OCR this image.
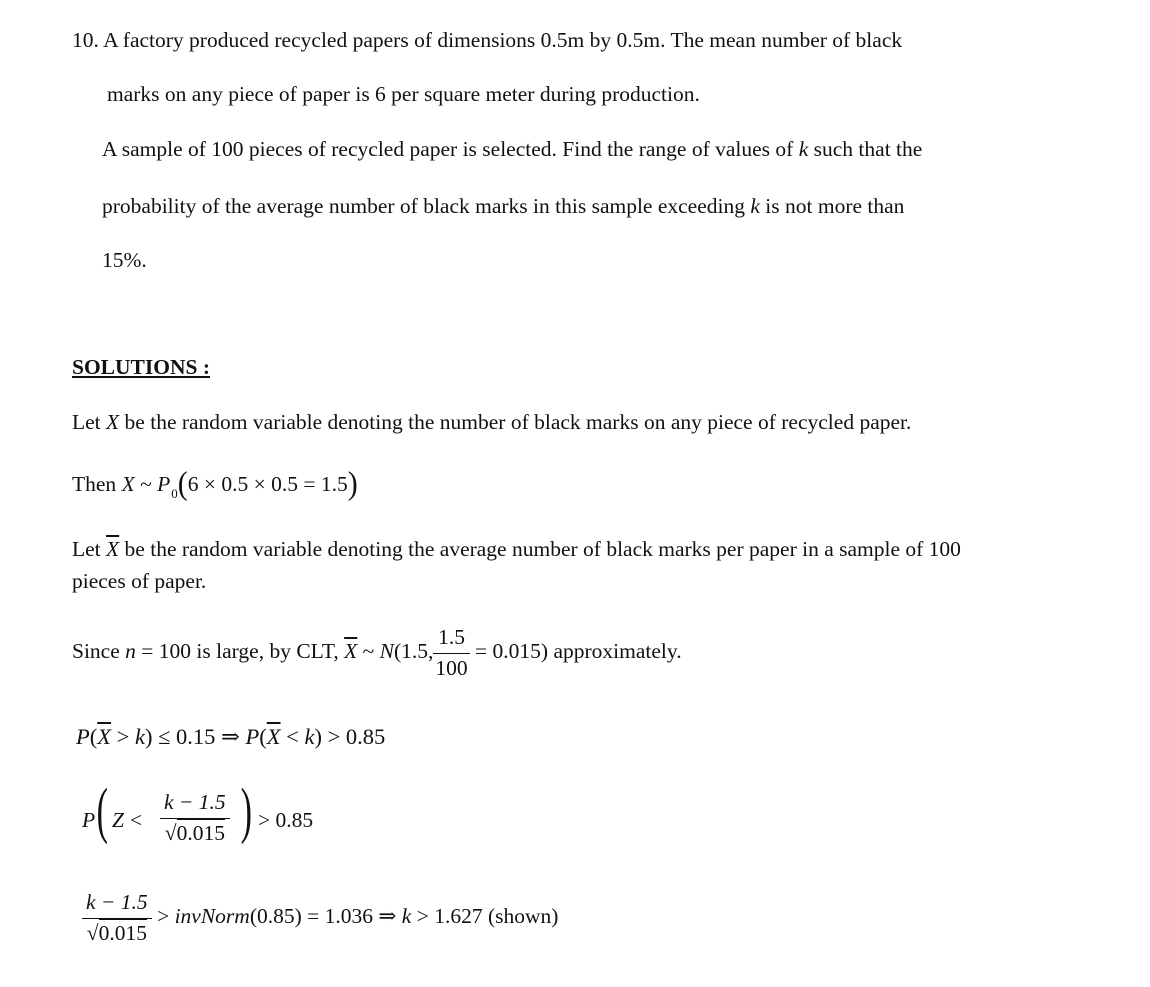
10. A factory produced recycled papers of dimensions 0.5m by 0.5m. The mean number of black
marks on any piece of paper is 6 per square meter during production.
A sample of 100 pieces of recycled paper is selected. Find the range of values of k such that the
probability of the average number of black marks in this sample exceeding k is not more than
15%.
SOLUTIONS :
Let X be the random variable denoting the number of black marks on any piece of recycled paper.
Then X ~ $P_0(6 \times 0.5 \times 0.5 = 1.5)$
Let $\overline{X}$ be the random variable denoting the average number of black marks per paper in a sample of 100
pieces of paper.
Since n = 100 is large, by CLT, $\overline{X}$ ~ N(1.5, $\frac{1.5}{100} = 0.015$) approximately.
$P(\overline{X} > k) \le 0.15$ ⇒ $P(\overline{X} < k) > 0.85$
P ( $Z < \frac{k - 1.5}{√0.015}$ ) > 0.85
$\frac{k - 1.5}{√0.015}$ > invNorm(0.85) = 1.036 ⇒ k > 1.627 (shown)
